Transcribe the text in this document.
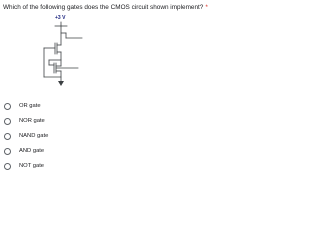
Which of the following gates does the CMOS circuit shown implement? *
+3 V
OR gate
NOR gate
NAND gate
AND gate
NOT gate
